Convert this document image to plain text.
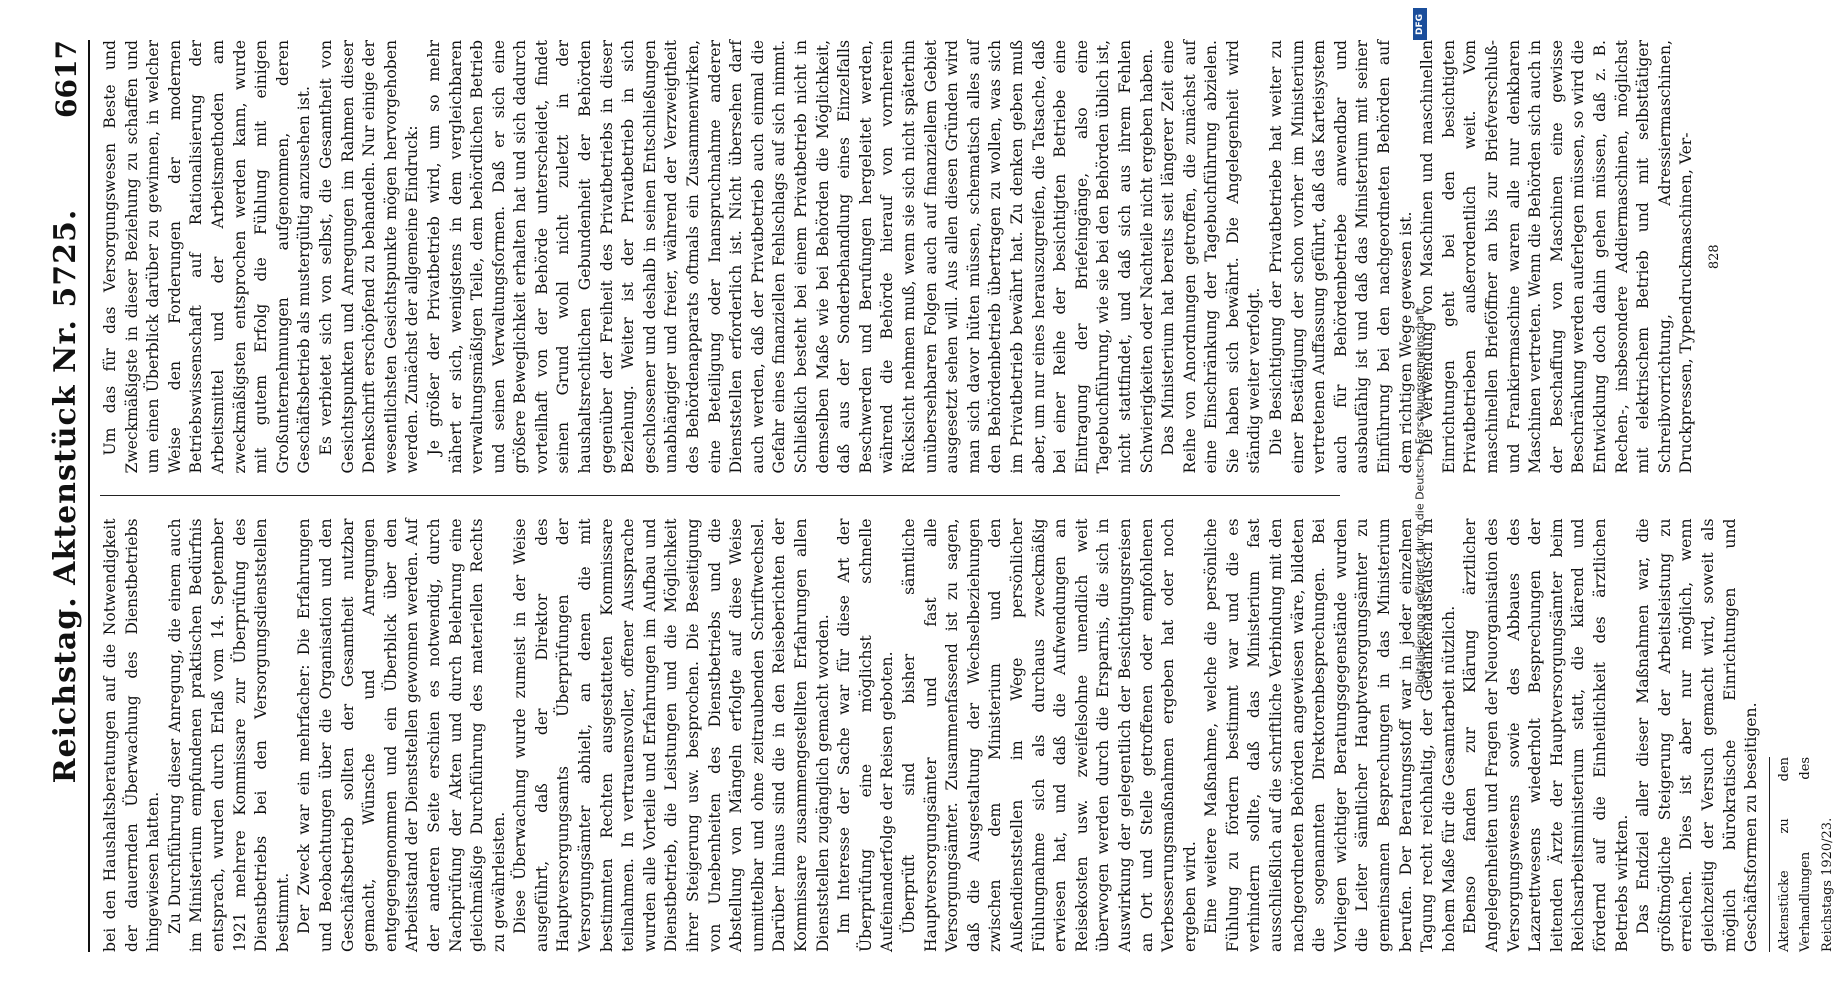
Reichstag. Aktenstück Nr. 5725.
6617

bei den Haushaltsberatungen auf die Notwendigkeit der dauernden Überwachung des Dienstbetriebs hingewiesen hatten. Zu Durchführung dieser Anregung, die einem auch im Ministerium empfundenen praktischen Bedürfnis entsprach, wurden durch Erlaß vom 14. September 1921 mehrere Kommissare zur Überprüfung des Dienstbetriebs bei den Versorgungsdienststellen bestimmt. Der Zweck war ein mehrfacher: Die Erfahrungen und Beobachtungen über die Organisation und den Geschäftsbetrieb sollten der Gesamtheit nutzbar gemacht, Wünsche und Anregungen entgegengenommen und ein Überblick über den Arbeitsstand der Dienststellen gewonnen werden. Auf der anderen Seite erschien es notwendig, durch Nachprüfung der Akten und durch Belehrung eine gleichmäßige Durchführung des materiellen Rechts zu gewährleisten. Diese Überwachung wurde zumeist in der Weise ausgeführt, daß der Direktor des Hauptversorgungsamts Überprüfungen der Versorgungsämter abhielt, an denen die mit bestimmten Rechten ausgestatteten Kommissare teilnahmen. In vertrauensvoller, offener Aussprache wurden alle Vorteile und Erfahrungen im Aufbau und Dienstbetrieb, die Leistungen und die Möglichkeit ihrer Steigerung usw. besprochen. Die Beseitigung von Unebenheiten des Dienstbetriebs und die Abstellung von Mängeln erfolgte auf diese Weise unmittelbar und ohne zeitraubenden Schriftwechsel. Darüber hinaus sind die in den Reiseberichten der Kommissare zusammengestellten Erfahrungen allen Dienststellen zugänglich gemacht worden. Im Interesse der Sache war für diese Art der Überprüfung eine möglichst schnelle Aufeinanderfolge der Reisen geboten. Überprüft sind bisher sämtliche Hauptversorgungsämter und fast alle Versorgungsämter. Zusammenfassend ist zu sagen, daß die Ausgestaltung der Wechselbeziehungen zwischen dem Ministerium und den Außendienststellen im Wege persönlicher Fühlungnahme sich als durchaus zweckmäßig erwiesen hat, und daß die Aufwendungen an Reisekosten usw. zweifelsohne unendlich weit überwogen werden durch die Ersparnis, die sich in Auswirkung der gelegentlich der Besichtigungsreisen an Ort und Stelle getroffenen oder empfohlenen Verbesserungsmaßnahmen ergeben hat oder noch ergeben wird. Eine weitere Maßnahme, welche die persönliche Fühlung zu fördern bestimmt war und die es verhindern sollte, daß das Ministerium fast ausschließlich auf die schriftliche Verbindung mit den nachgeordneten Behörden angewiesen wäre, bildeten die sogenannten Direktorenbesprechungen. Bei Vorliegen wichtiger Beratungsgegenstände wurden die Leiter sämtlicher Hauptversorgungsämter zu gemeinsamen Besprechungen in das Ministerium berufen. Der Beratungsstoff war in jeder einzelnen Tagung recht reichhaltig, der Gedankenaustausch in hohem Maße für die Gesamtarbeit nützlich. Ebenso fanden zur Klärung ärztlicher Angelegenheiten und Fragen der Neuorganisation des Versorgungswesens sowie des Abbaues des Lazarettwesens wiederholt Besprechungen der leitenden Ärzte der Hauptversorgungsämter beim Reichsarbeitsministerium statt, die klärend und fördernd auf die Einheitlichkeit des ärztlichen Betriebs wirkten. Das Endziel aller dieser Maßnahmen war, die größtmögliche Steigerung der Arbeitsleistung zu erreichen. Dies ist aber nur möglich, wenn gleichzeitig der Versuch gemacht wird, soweit als möglich bürokratische Einrichtungen und Geschäftsformen zu beseitigen.	Aktenstücke zu den Verhandlungen des Reichstags 1920/23.

Um das für das Versorgungswesen Beste und Zweckmäßigste in dieser Beziehung zu schaffen und um einen Überblick darüber zu gewinnen, in welcher Weise den Forderungen der modernen Betriebswissenschaft auf Rationalisierung der Arbeitsmittel und der Arbeitsmethoden am zweckmäßigsten entsprochen werden kann, wurde mit gutem Erfolg die Fühlung mit einigen Großunternehmungen aufgenommen, deren Geschäftsbetrieb als mustergültig anzusehen ist. Es verbietet sich von selbst, die Gesamtheit von Gesichtspunkten und Anregungen im Rahmen dieser Denkschrift erschöpfend zu behandeln. Nur einige der wesentlichsten Gesichtspunkte mögen hervorgehoben werden. Zunächst der allgemeine Eindruck: Je größer der Privatbetrieb wird, um so mehr nähert er sich, wenigstens in dem vergleichbaren verwaltungsmäßigen Teile, dem behördlichen Betrieb und seinen Verwaltungsformen. Daß er sich eine größere Beweglichkeit erhalten hat und sich dadurch vorteilhaft von der Behörde unterscheidet, findet seinen Grund wohl nicht zuletzt in der haushaltsrechtlichen Gebundenheit der Behörden gegenüber der Freiheit des Privatbetriebs in dieser Beziehung. Weiter ist der Privatbetrieb in sich geschlossener und deshalb in seinen Entschließungen unabhängiger und freier, während der Verzweigtheit des Behördenapparats oftmals ein Zusammenwirken, eine Beteiligung oder Inanspruchnahme anderer Dienststellen erforderlich ist. Nicht übersehen darf auch werden, daß der Privatbetrieb auch einmal die Gefahr eines finanziellen Fehlschlags auf sich nimmt. Schließlich besteht bei einem Privatbetrieb nicht in demselben Maße wie bei Behörden die Möglichkeit, daß aus der Sonderbehandlung eines Einzelfalls Beschwerden und Berufungen hergeleitet werden, während die Behörde hierauf von vornherein Rücksicht nehmen muß, wenn sie sich nicht späterhin unübersehbaren Folgen auch auf finanziellem Gebiet ausgesetzt sehen will. Aus allen diesen Gründen wird man sich davor hüten müssen, schematisch alles auf den Behördenbetrieb übertragen zu wollen, was sich im Privatbetrieb bewährt hat. Zu denken geben muß aber, um nur eines herauszugreifen, die Tatsache, daß bei einer Reihe der besichtigten Betriebe eine Eintragung der Briefeingänge, also eine Tagebuchführung, wie sie bei den Behörden üblich ist, nicht stattfindet, und daß sich aus ihrem Fehlen Schwierigkeiten oder Nachteile nicht ergeben haben. Das Ministerium hat bereits seit längerer Zeit eine Reihe von Anordnungen getroffen, die zunächst auf eine Einschränkung der Tagebuchführung abzielen. Sie haben sich bewährt. Die Angelegenheit wird ständig weiter verfolgt. Die Besichtigung der Privatbetriebe hat weiter zu einer Bestätigung der schon vorher im Ministerium vertretenen Auffassung geführt, daß das Karteisystem auch für Behördenbetriebe anwendbar und ausbaufähig ist und daß das Ministerium mit seiner Einführung bei den nachgeordneten Behörden auf dem richtigen Wege gewesen ist. Die Verwendung von Maschinen und maschinellen Einrichtungen geht bei den besichtigten Privatbetrieben außerordentlich weit. Vom maschinellen Brieföffner an bis zur Briefverschluß- und Frankiermaschine waren alle nur denkbaren Maschinen vertreten. Wenn die Behörden sich auch in der Beschaffung von Maschinen eine gewisse Beschränkung werden auferlegen müssen, so wird die Entwicklung doch dahin gehen müssen, daß z. B. Rechen-, insbesondere Addiermaschinen, möglichst mit elektrischem Betrieb und mit selbsttätiger Schreibvorrichtung, Adressiermaschinen, Druckpressen, Typendruckmaschinen, Ver- 828
DFG
Digitalisierung gefördert durch die Deutsche Forschungsgemeinschaft
